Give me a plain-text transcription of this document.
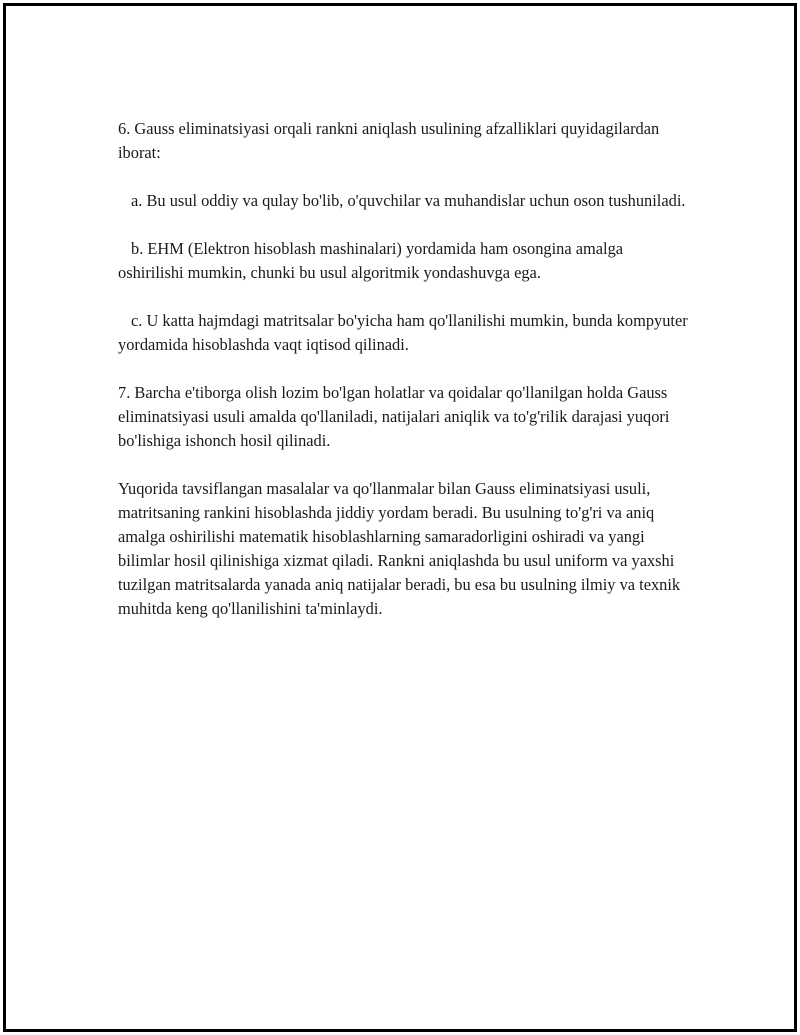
6. Gauss eliminatsiyasi orqali rankni aniqlash usulining afzalliklari quyidagilardan iborat:

a. Bu usul oddiy va qulay bo'lib, o'quvchilar va muhandislar uchun oson tushuniladi.

b. EHM (Elektron hisoblash mashinalari) yordamida ham osongina amalga oshirilishi mumkin, chunki bu usul algoritmik yondashuvga ega.

c. U katta hajmdagi matritsalar bo'yicha ham qo'llanilishi mumkin, bunda kompyuter yordamida hisoblashda vaqt iqtisod qilinadi.

7. Barcha e'tiborga olish lozim bo'lgan holatlar va qoidalar qo'llanilgan holda Gauss eliminatsiyasi usuli amalda qo'llaniladi, natijalari aniqlik va to'g'rilik darajasi yuqori bo'lishiga ishonch hosil qilinadi.

Yuqorida tavsiflangan masalalar va qo'llanmalar bilan Gauss eliminatsiyasi usuli, matritsaning rankini hisoblashda jiddiy yordam beradi. Bu usulning to'g'ri va aniq amalga oshirilishi matematik hisoblashlarning samaradorligini oshiradi va yangi bilimlar hosil qilinishiga xizmat qiladi. Rankni aniqlashda bu usul uniform va yaxshi tuzilgan matritsalarda yanada aniq natijalar beradi, bu esa bu usulning ilmiy va texnik muhitda keng qo'llanilishini ta'minlaydi.
